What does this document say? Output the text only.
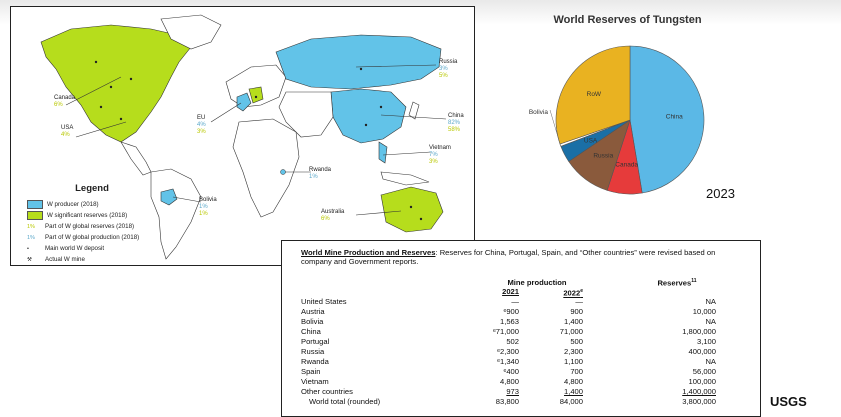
Canada
6%
USA
4%
EU
4%
3%
Russia
3%
5%
China
82%
58%
Vietnam
7%
3%
Rwanda
1%
Bolivia
1%
1%	Australia
6%
Legend
W producer (2018)
W significant reserves (2018)
1%	Part of W global reserves (2018)
1%	Part of W global production (2018)
•	Main world W deposit
⚒	Actual W mine
World Reserves of Tungsten
China
Canada
Russia
USA
Bolivia
RoW
2023
World Mine Production and Reserves: Reserves for China, Portugal, Spain, and “Other countries” were revised based on company and Government reports.
Mine production	Reserves$^{11}$
2021	2022e
United States	—	—	NA
Austria	ᵉ900	900	10,000
Bolivia	1,563	1,400	NA
China	ᵉ71,000	71,000	1,800,000
Portugal	502	500	3,100
Russia	ᵉ2,300	2,300	400,000
Rwanda	ᵉ1,340	1,100	NA
Spain	ᵉ400	700	56,000
Vietnam	4,800	4,800	100,000
Other countries	973	1,400	1,400,000
World total (rounded)	83,800	84,000	3,800,000	USGS
